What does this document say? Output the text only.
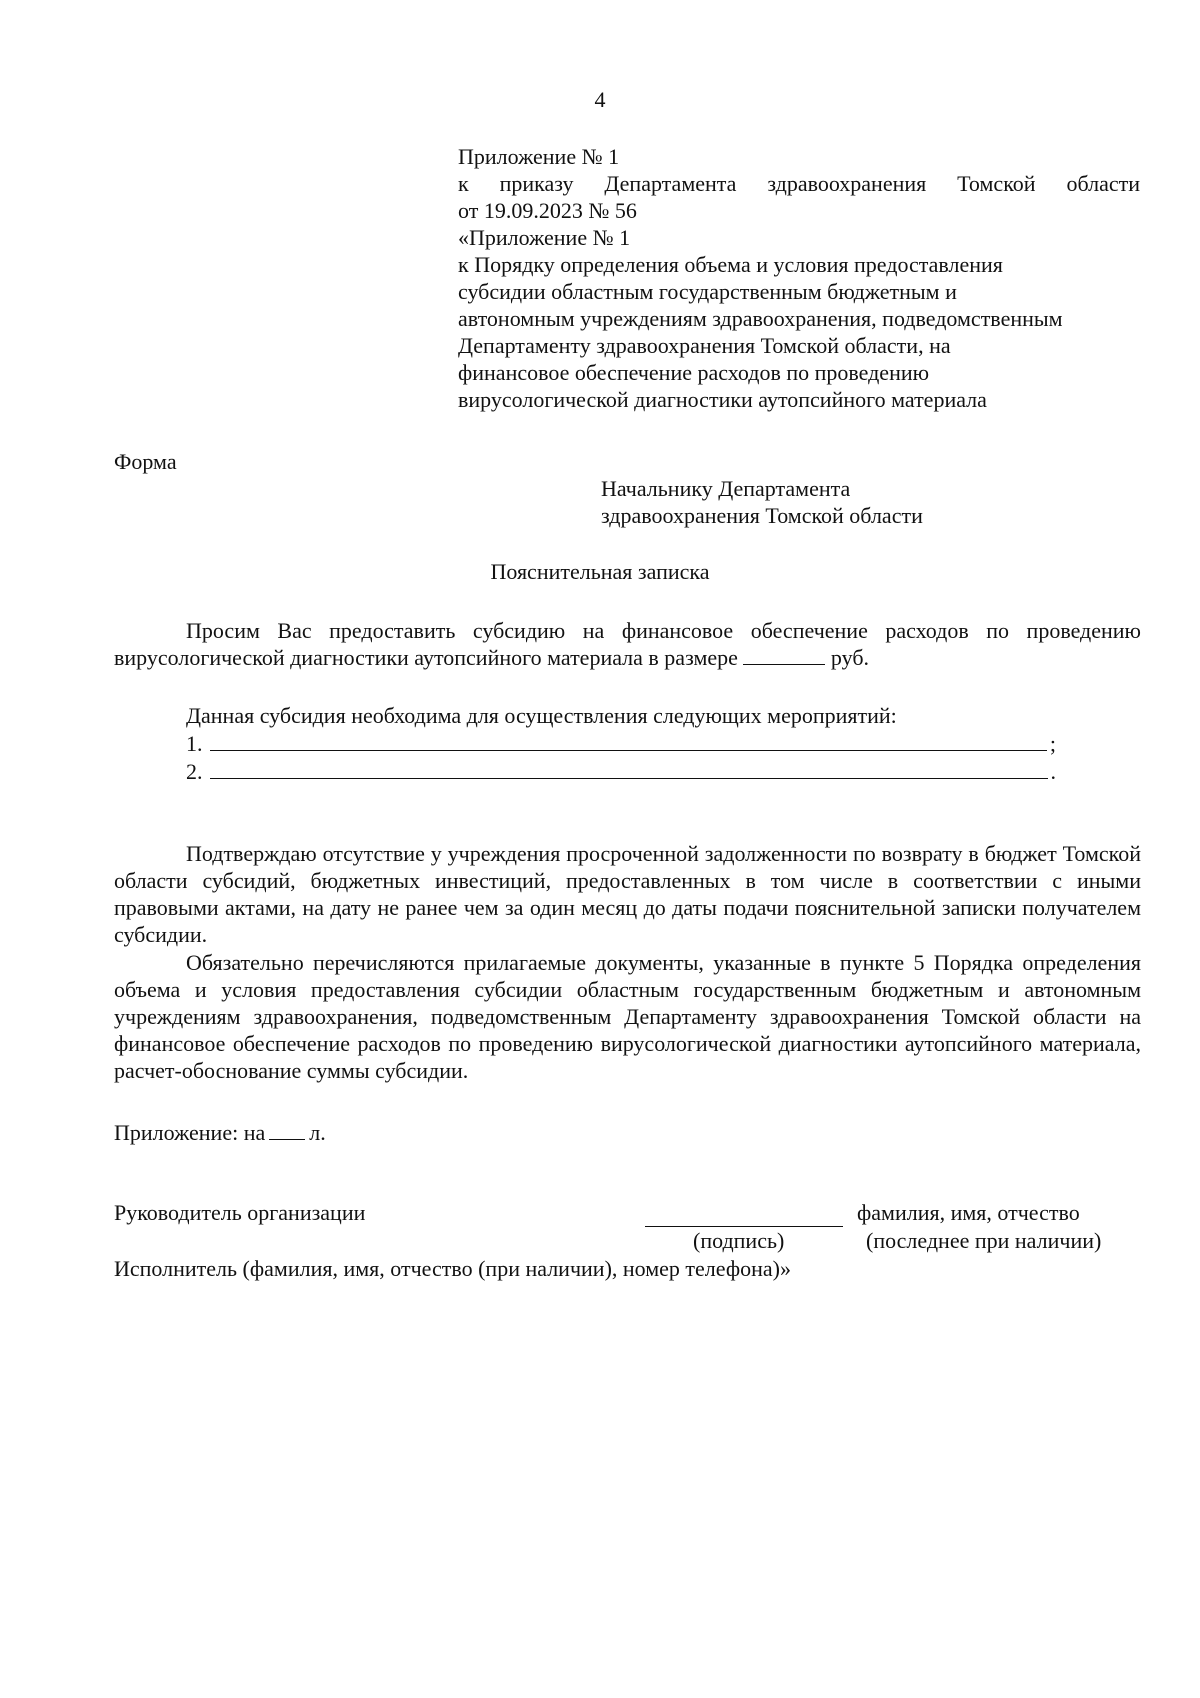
4
Приложение № 1
к приказу Департамента здравоохранения Томской области
от 19.09.2023 № 56
«Приложение № 1
к Порядку определения объема и условия предоставления
субсидии областным государственным бюджетным и
автономным учреждениям здравоохранения, подведомственным
Департаменту здравоохранения Томской области, на
финансовое обеспечение расходов по проведению
вирусологической диагностики аутопсийного материала
Форма
Начальнику Департамента
здравоохранения Томской области
Пояснительная записка
Просим Вас предоставить субсидию на финансовое обеспечение расходов по проведению вирусологической диагностики аутопсийного материала в размере	руб.
Данная субсидия необходима для осуществления следующих мероприятий:
1.	;
2.	.
Подтверждаю отсутствие у учреждения просроченной задолженности по возврату в бюджет Томской области субсидий, бюджетных инвестиций, предоставленных в том числе в соответствии с иными правовыми актами, на дату не ранее чем за один месяц до даты подачи пояснительной записки получателем субсидии.
Обязательно перечисляются прилагаемые документы, указанные в пункте 5 Порядка определения объема и условия предоставления субсидии областным государственным бюджетным и автономным учреждениям здравоохранения, подведомственным Департаменту здравоохранения Томской области на финансовое обеспечение расходов по проведению вирусологической диагностики аутопсийного материала, расчет-обоснование суммы субсидии.
Приложение: на л.
Руководитель организации
(подпись)
фамилия, имя, отчество
(последнее при наличии)
Исполнитель (фамилия, имя, отчество (при наличии), номер телефона)»
